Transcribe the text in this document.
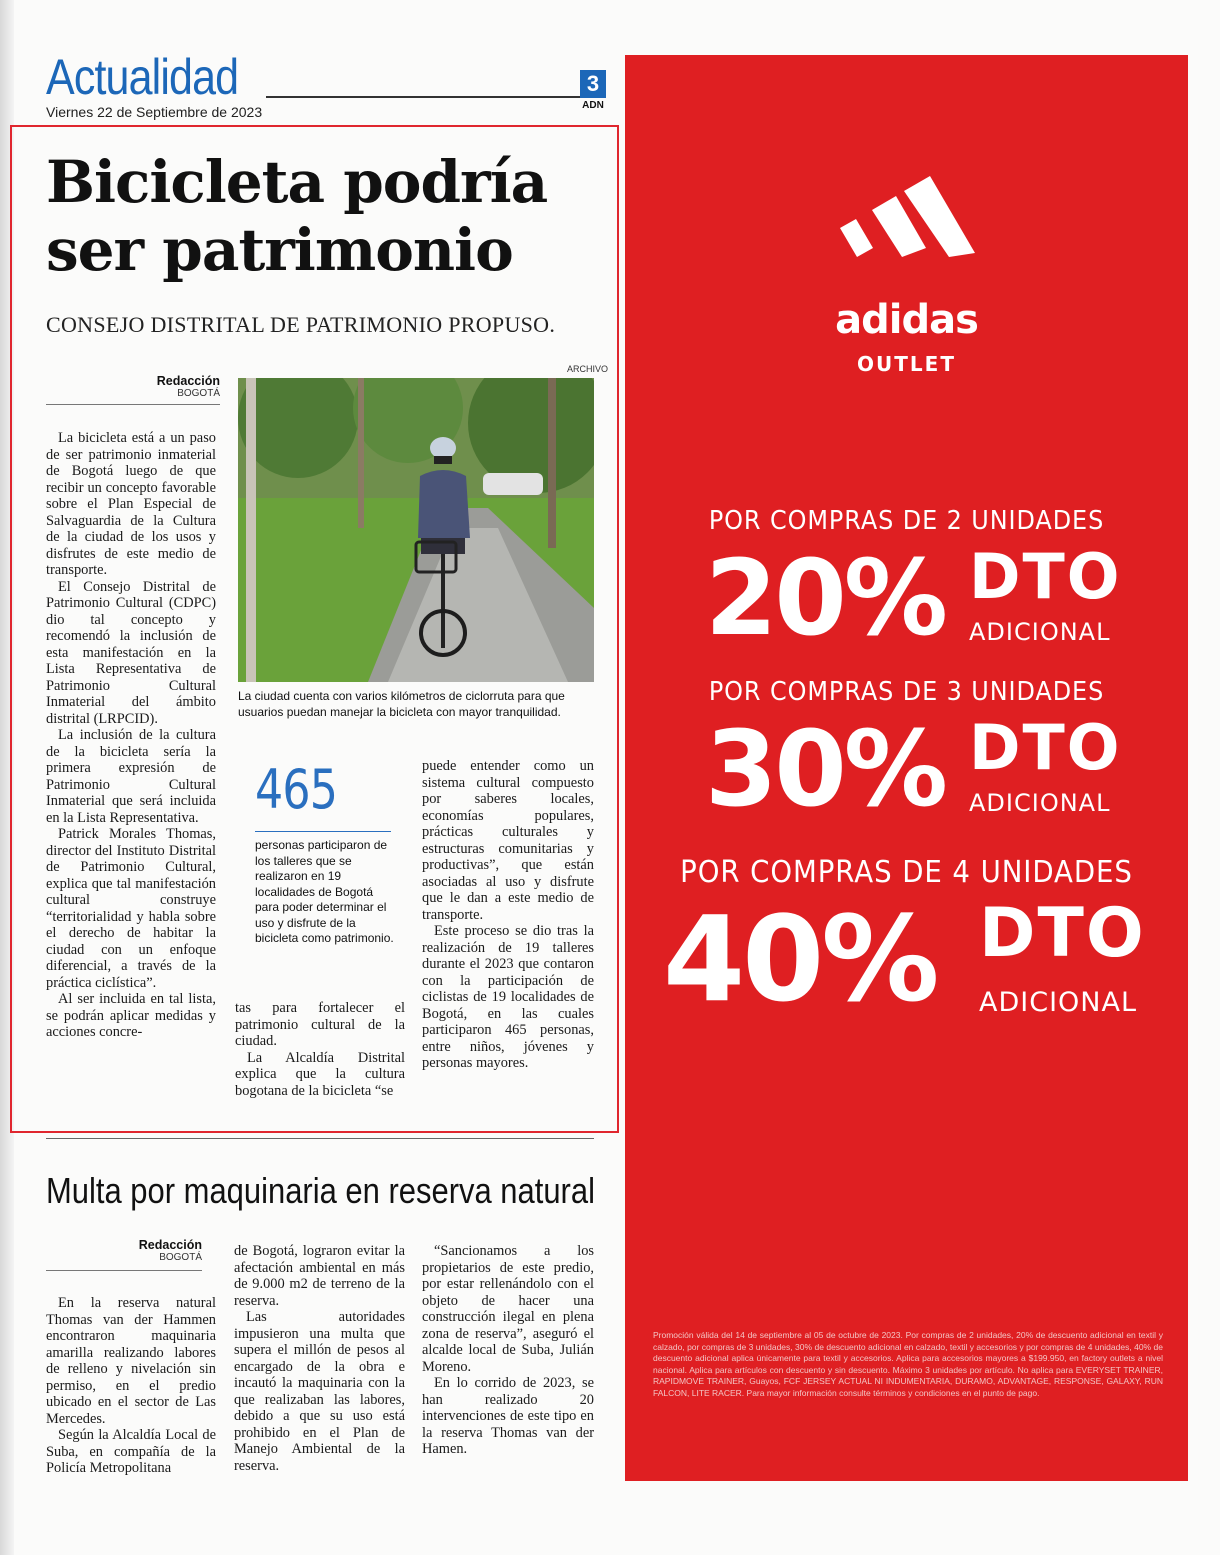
Actualidad	3
ADN
Viernes 22 de Septiembre de 2023
Bicicleta podría
ser patrimonio
CONSEJO DISTRITAL DE PATRIMONIO PROPUSO.
ARCHIVO
Redacción
BOGOTÁ

La bicicleta está a un paso de ser patrimonio inmaterial de Bogotá luego de que recibir un concepto favorable sobre el Plan Especial de Salvaguardia de la Cultura de la ciudad de los usos y disfrutes de este medio de transporte.

El Consejo Distrital de Patrimonio Cultural (CDPC) dio tal concepto y recomendó la inclusión de esta manifestación en la Lista Representativa de Patrimonio Cultural Inmaterial del ámbito distrital (LRPCID).

La inclusión de la cultura de la bicicleta sería la primera expresión de Patrimonio Cultural Inmaterial que será incluida en la Lista Representativa.

Patrick Morales Thomas, director del Instituto Distrital de Patrimonio Cultural, explica que tal manifestación cultural construye “territorialidad y habla sobre el derecho de habitar la ciudad con un enfoque diferencial, a través de la práctica ciclística”.

Al ser incluida en tal lista, se podrán aplicar medidas y acciones concre-

La ciudad cuenta con varios kilómetros de ciclorruta para que usuarios puedan manejar la bicicleta con mayor tranquilidad.
465
personas participaron de los talleres que se realizaron en 19 localidades de Bogotá para poder determinar el uso y disfrute de la bicicleta como patrimonio.

tas para fortalecer el patrimonio cultural de la ciudad.

La Alcaldía Distrital explica que la cultura bogotana de la bicicleta “se

puede entender como un sistema cultural compuesto por saberes locales, economías populares, prácticas culturales y estructuras comunitarias y productivas”, que están asociadas al uso y disfrute que le dan a este medio de transporte.

Este proceso se dio tras la realización de 19 talleres durante el 2023 que contaron con la participación de ciclistas de 19 localidades de Bogotá, en las cuales participaron 465 personas, entre niños, jóvenes y personas mayores.

Multa por maquinaria en reserva natural
Redacción
BOGOTÁ

En la reserva natural Thomas van der Hammen encontraron maquinaria amarilla realizando labores de relleno y nivelación sin permiso, en el predio ubicado en el sector de Las Mercedes.

Según la Alcaldía Local de Suba, en compañía de la Policía Metropolitana

de Bogotá, lograron evitar la afectación ambiental en más de 9.000 m2 de terreno de la reserva.

Las autoridades impusieron una multa que supera el millón de pesos al encargado de la obra e incautó la maquinaria con la que realizaban las labores, debido a que su uso está prohibido en el Plan de Manejo Ambiental de la reserva.

“Sancionamos a los propietarios de este predio, por estar rellenándolo con el objeto de hacer una construcción ilegal en plena zona de reserva”, aseguró el alcalde local de Suba, Julián Moreno.

En lo corrido de 2023, se han realizado 20 intervenciones de este tipo en la reserva Thomas van der Hamen.

adidas
OUTLET
POR COMPRAS DE 2 UNIDADES
20% DTO
ADICIONAL
POR COMPRAS DE 3 UNIDADES
30% DTO
ADICIONAL
POR COMPRAS DE 4 UNIDADES
40% DTO
ADICIONAL
Promoción válida del 14 de septiembre al 05 de octubre de 2023. Por compras de 2 unidades, 20% de descuento adicional en textil y calzado, por compras de 3 unidades, 30% de descuento adicional en calzado, textil y accesorios y por compras de 4 unidades, 40% de descuento adicional aplica únicamente para textil y accesorios. Aplica para accesorios mayores a $199.950, en factory outlets a nivel nacional. Aplica para artículos con descuento y sin descuento. Máximo 3 unidades por artículo. No aplica para EVERYSET TRAINER, RAPIDMOVE TRAINER, Guayos, FCF JERSEY ACTUAL NI INDUMENTARIA, DURAMO, ADVANTAGE, RESPONSE, GALAXY, RUN FALCON, LITE RACER. Para mayor información consulte términos y condiciones en el punto de pago.
